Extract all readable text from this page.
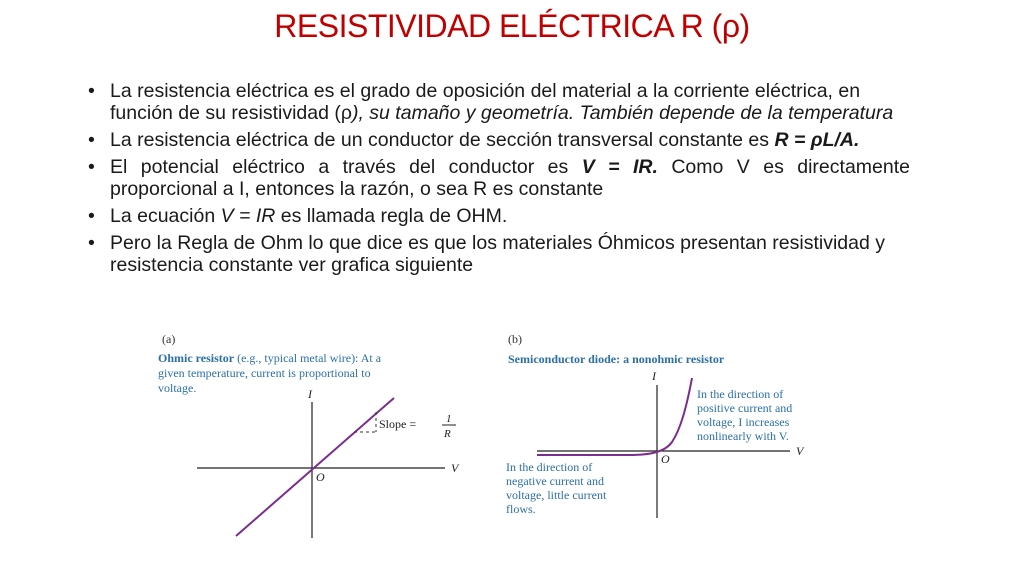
RESISTIVIDAD ELÉCTRICA R (ρ)
• La resistencia eléctrica es el grado de oposición del material a la corriente eléctrica, en función de su resistividad (ρ), su tamaño y geometría. También depende de la temperatura
• La resistencia eléctrica de un conductor de sección transversal constante es R = ρL/A.
• El potencial eléctrico a través del conductor es V = IR. Como V es directamente proporcional a I, entonces la razón, o sea R es constante
• La ecuación V = IR es llamada regla de OHM.
• Pero la Regla de Ohm lo que dice es que los materiales Óhmicos presentan resistividad y resistencia constante ver grafica siguiente
(a)
Ohmic resistor (e.g., typical metal wire): At a
given temperature, current is proportional to
voltage.	I
V
O
Slope =	1
R
(b)
Semiconductor diode: a nonohmic resistor
I
V
O
In the direction of
positive current and
voltage, I increases
nonlinearly with V.
In the direction of
negative current and
voltage, little current
flows.
